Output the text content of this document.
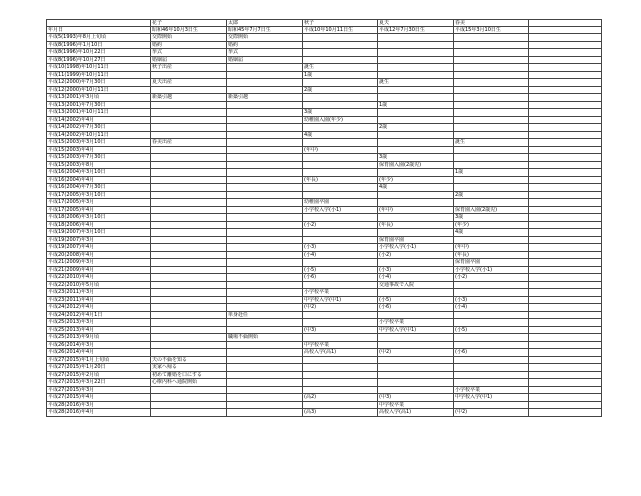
	花子	太郎	秋子	夏夫	春美	
年月日	昭和46年10月3日生	昭和45年7月7日生	平成10年10月11日生	平成12年7月30日生	平成15年3月10日生	
平成5(1993)年8月上旬頃	交際開始	交際開始				
平成8(1996)年1月10日	婚約	婚約				
平成8(1996)年10月22日	挙式	挙式				
平成8(1996)年10月27日	婚姻届	婚姻届				
平成10(1998)年10月11日	秋子出産		誕生			
平成11(1999)年10月11日			1歳			
平成12(2000)年7月30日	夏夫出産			誕生		
平成12(2000)年10月11日			2歳			
平成13(2001)年3月頃	新築引越	新築引越				
平成13(2001)年7月30日				1歳		
平成13(2001)年10月11日			3歳			
平成14(2002)年4月			幼稚園入園(年少)			
平成14(2002)年7月30日				2歳		
平成14(2002)年10月11日			4歳			
平成15(2003)年3月10日	春美出産				誕生	
平成15(2003)年4月			(年中)			
平成15(2003)年7月30日				3歳		
平成15(2003)年8月				保育園入園(2歳児)		
平成16(2004)年3月10日					1歳	
平成16(2004)年4月			(年長)	(年少)		
平成16(2004)年7月30日				4歳		
平成17(2005)年3月10日					2歳	
平成17(2005)年3月			幼稚園卒園			
平成17(2005)年4月			小学校入学(小1)	(年中)	保育園入園(2歳児)	
平成18(2006)年3月10日					3歳	
平成18(2006)年4月			(小2)	(年長)	(年少)	
平成19(2007)年3月10日					4歳	
平成19(2007)年3月				保育園卒園		
平成19(2007)年4月			(小3)	小学校入学(小1)	(年中)	
平成20(2008)年4月			(小4)	(小2)	(年長)	
平成21(2009)年3月					保育園卒園	
平成21(2009)年4月			(小5)	(小3)	小学校入学(小1)	
平成22(2010)年4月			(小6)	(小4)	(小2)	
平成22(2010)年5月頃				交通事故で入院		
平成23(2011)年3月			小学校卒業			
平成23(2011)年4月			中学校入学(中1)	(小5)	(小3)	
平成24(2012)年4月			(中2)	(小6)	(小4)	
平成24(2012)年4月1日		単身赴任				
平成25(2013)年3月				小学校卒業		
平成25(2013)年4月			(中3)	中学校入学(中1)	(小5)	
平成25(2013)年9月頃		職場不倫開始				
平成26(2014)年3月			中学校卒業			
平成26(2014)年4月			高校入学(高1)	(中2)	(小6)	
平成27(2015)年1月上旬頃	夫の不倫を知る					
平成27(2015)年1月20日	実家へ帰る					
平成27(2015)年2月頃	初めて離婚を口にする					
平成27(2015)年3月22日	心療内科へ通院開始					
平成27(2015)年3月					小学校卒業	
平成27(2015)年4月			(高2)	(中3)	中学校入学(中1)	
平成28(2016)年3月				中学校卒業		
平成28(2016)年4月			(高3)	高校入学(高1)	(中2)	
